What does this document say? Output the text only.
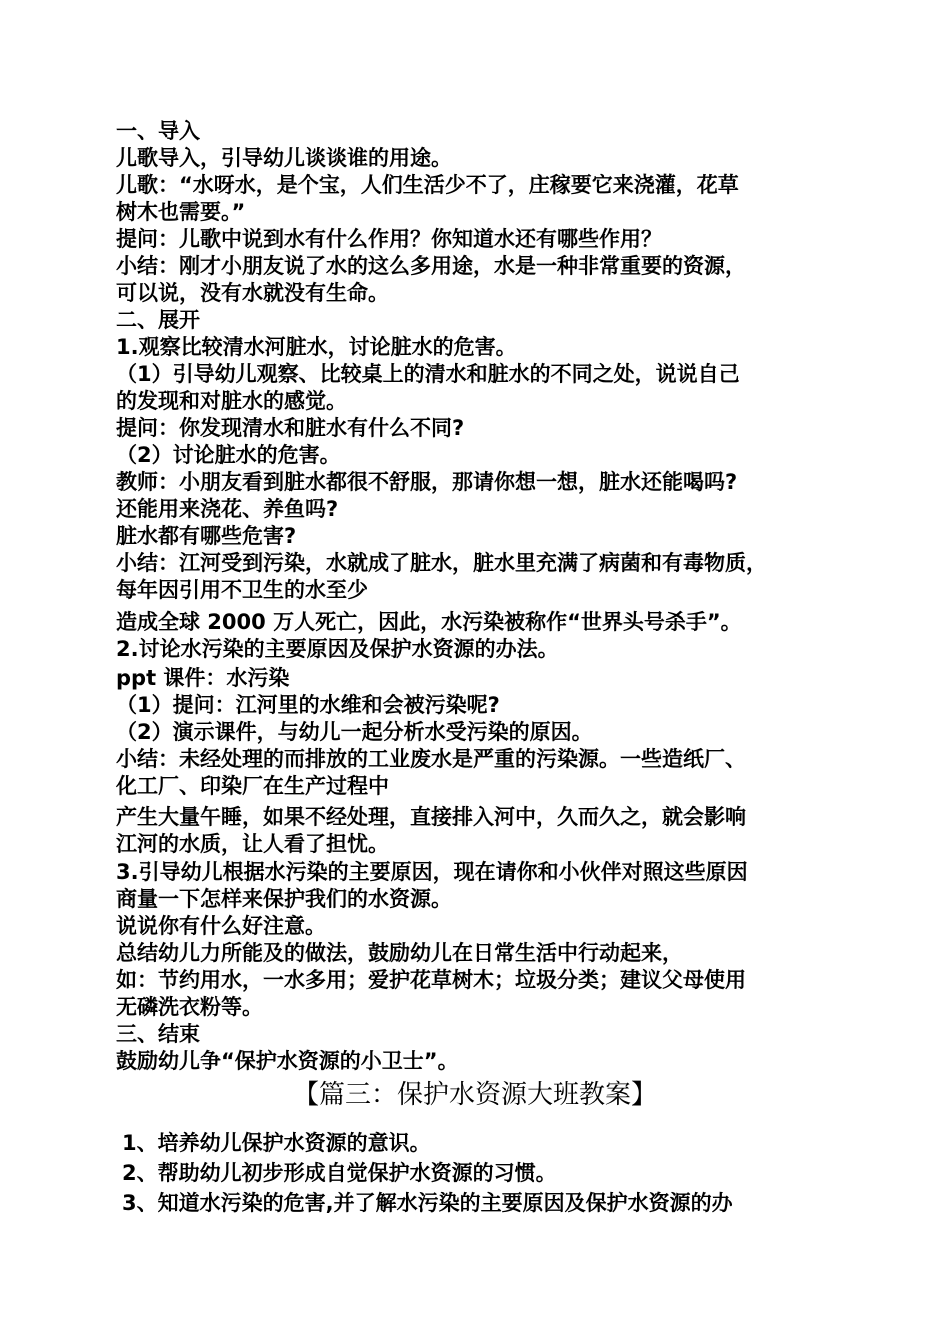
一、导入
儿歌导入，引导幼儿谈谈谁的用途。
儿歌：“水呀水，是个宝，人们生活少不了，庄稼要它来浇灌，花草
树木也需要。”
提问：儿歌中说到水有什么作用？你知道水还有哪些作用？
小结：刚才小朋友说了水的这么多用途，水是一种非常重要的资源，
可以说，没有水就没有生命。
二、展开
1.观察比较清水河脏水，讨论脏水的危害。
（1）引导幼儿观察、比较桌上的清水和脏水的不同之处，说说自己
的发现和对脏水的感觉。
提问：你发现清水和脏水有什么不同?
（2）讨论脏水的危害。
教师：小朋友看到脏水都很不舒服，那请你想一想，脏水还能喝吗?
还能用来浇花、养鱼吗?
脏水都有哪些危害?
小结：江河受到污染，水就成了脏水，脏水里充满了病菌和有毒物质，
每年因引用不卫生的水至少
造成全球 2000 万人死亡，因此，水污染被称作“世界头号杀手”。
2.讨论水污染的主要原因及保护水资源的办法。
ppt 课件：水污染
（1）提问：江河里的水维和会被污染呢?
（2）演示课件，与幼儿一起分析水受污染的原因。
小结：未经处理的而排放的工业废水是严重的污染源。一些造纸厂、
化工厂、印染厂在生产过程中
产生大量午睡，如果不经处理，直接排入河中，久而久之，就会影响
江河的水质，让人看了担忧。
3.引导幼儿根据水污染的主要原因，现在请你和小伙伴对照这些原因
商量一下怎样来保护我们的水资源。
说说你有什么好注意。
总结幼儿力所能及的做法，鼓励幼儿在日常生活中行动起来，
如：节约用水，一水多用；爱护花草树木；垃圾分类；建议父母使用
无磷洗衣粉等。
三、结束
鼓励幼儿争“保护水资源的小卫士”。
【篇三：保护水资源大班教案】
1、培养幼儿保护水资源的意识。
2、帮助幼儿初步形成自觉保护水资源的习惯。
3、知道水污染的危害,并了解水污染的主要原因及保护水资源的办
